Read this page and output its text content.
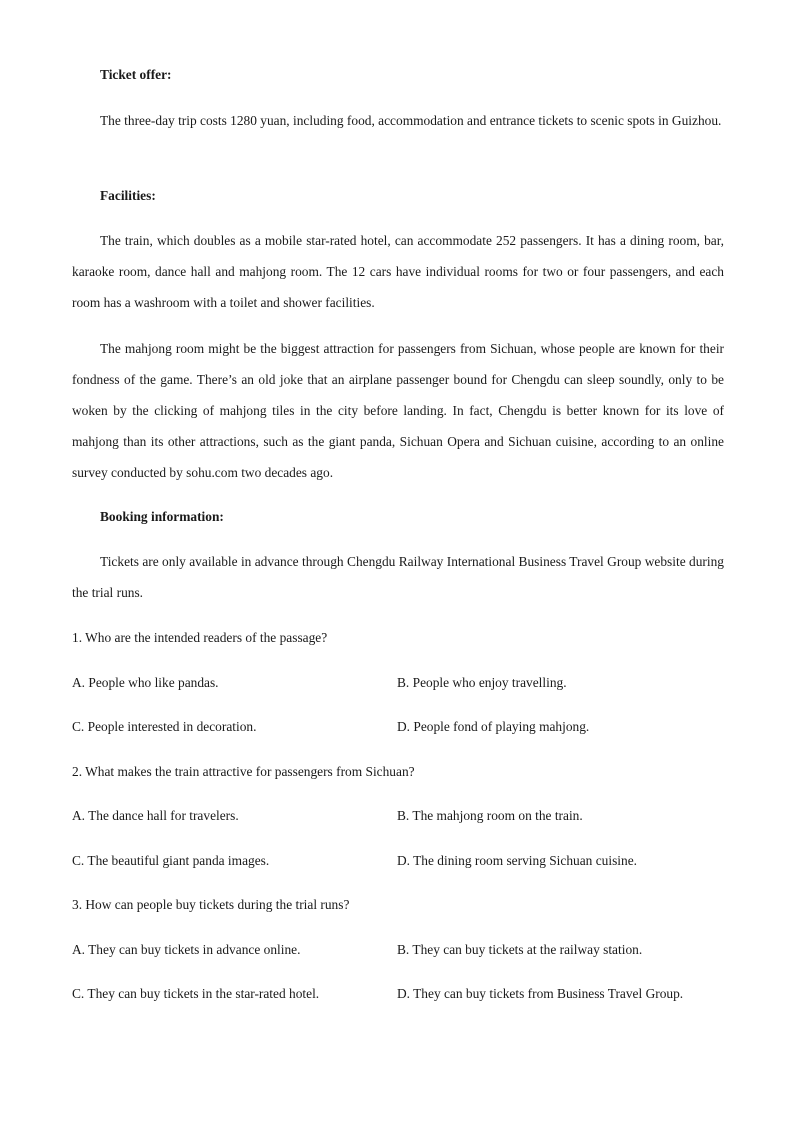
Ticket offer:
The three-day trip costs 1280 yuan, including food, accommodation and entrance tickets to scenic spots in Guizhou.
Facilities:
The train, which doubles as a mobile star-rated hotel, can accommodate 252 passengers. It has a dining room, bar, karaoke room, dance hall and mahjong room. The 12 cars have individual rooms for two or four passengers, and each room has a washroom with a toilet and shower facilities.
The mahjong room might be the biggest attraction for passengers from Sichuan, whose people are known for their fondness of the game. There’s an old joke that an airplane passenger bound for Chengdu can sleep soundly, only to be woken by the clicking of mahjong tiles in the city before landing. In fact, Chengdu is better known for its love of mahjong than its other attractions, such as the giant panda, Sichuan Opera and Sichuan cuisine, according to an online survey conducted by sohu.com two decades ago.
Booking information:
Tickets are only available in advance through Chengdu Railway International Business Travel Group website during the trial runs.
1. Who are the intended readers of the passage?
A. People who like pandas.	B. People who enjoy travelling.
C. People interested in decoration.	D. People fond of playing mahjong.
2. What makes the train attractive for passengers from Sichuan?
A. The dance hall for travelers.	B. The mahjong room on the train.
C. The beautiful giant panda images.	D. The dining room serving Sichuan cuisine.
3. How can people buy tickets during the trial runs?
A. They can buy tickets in advance online.	B. They can buy tickets at the railway station.
C. They can buy tickets in the star-rated hotel.	D. They can buy tickets from Business Travel Group.
